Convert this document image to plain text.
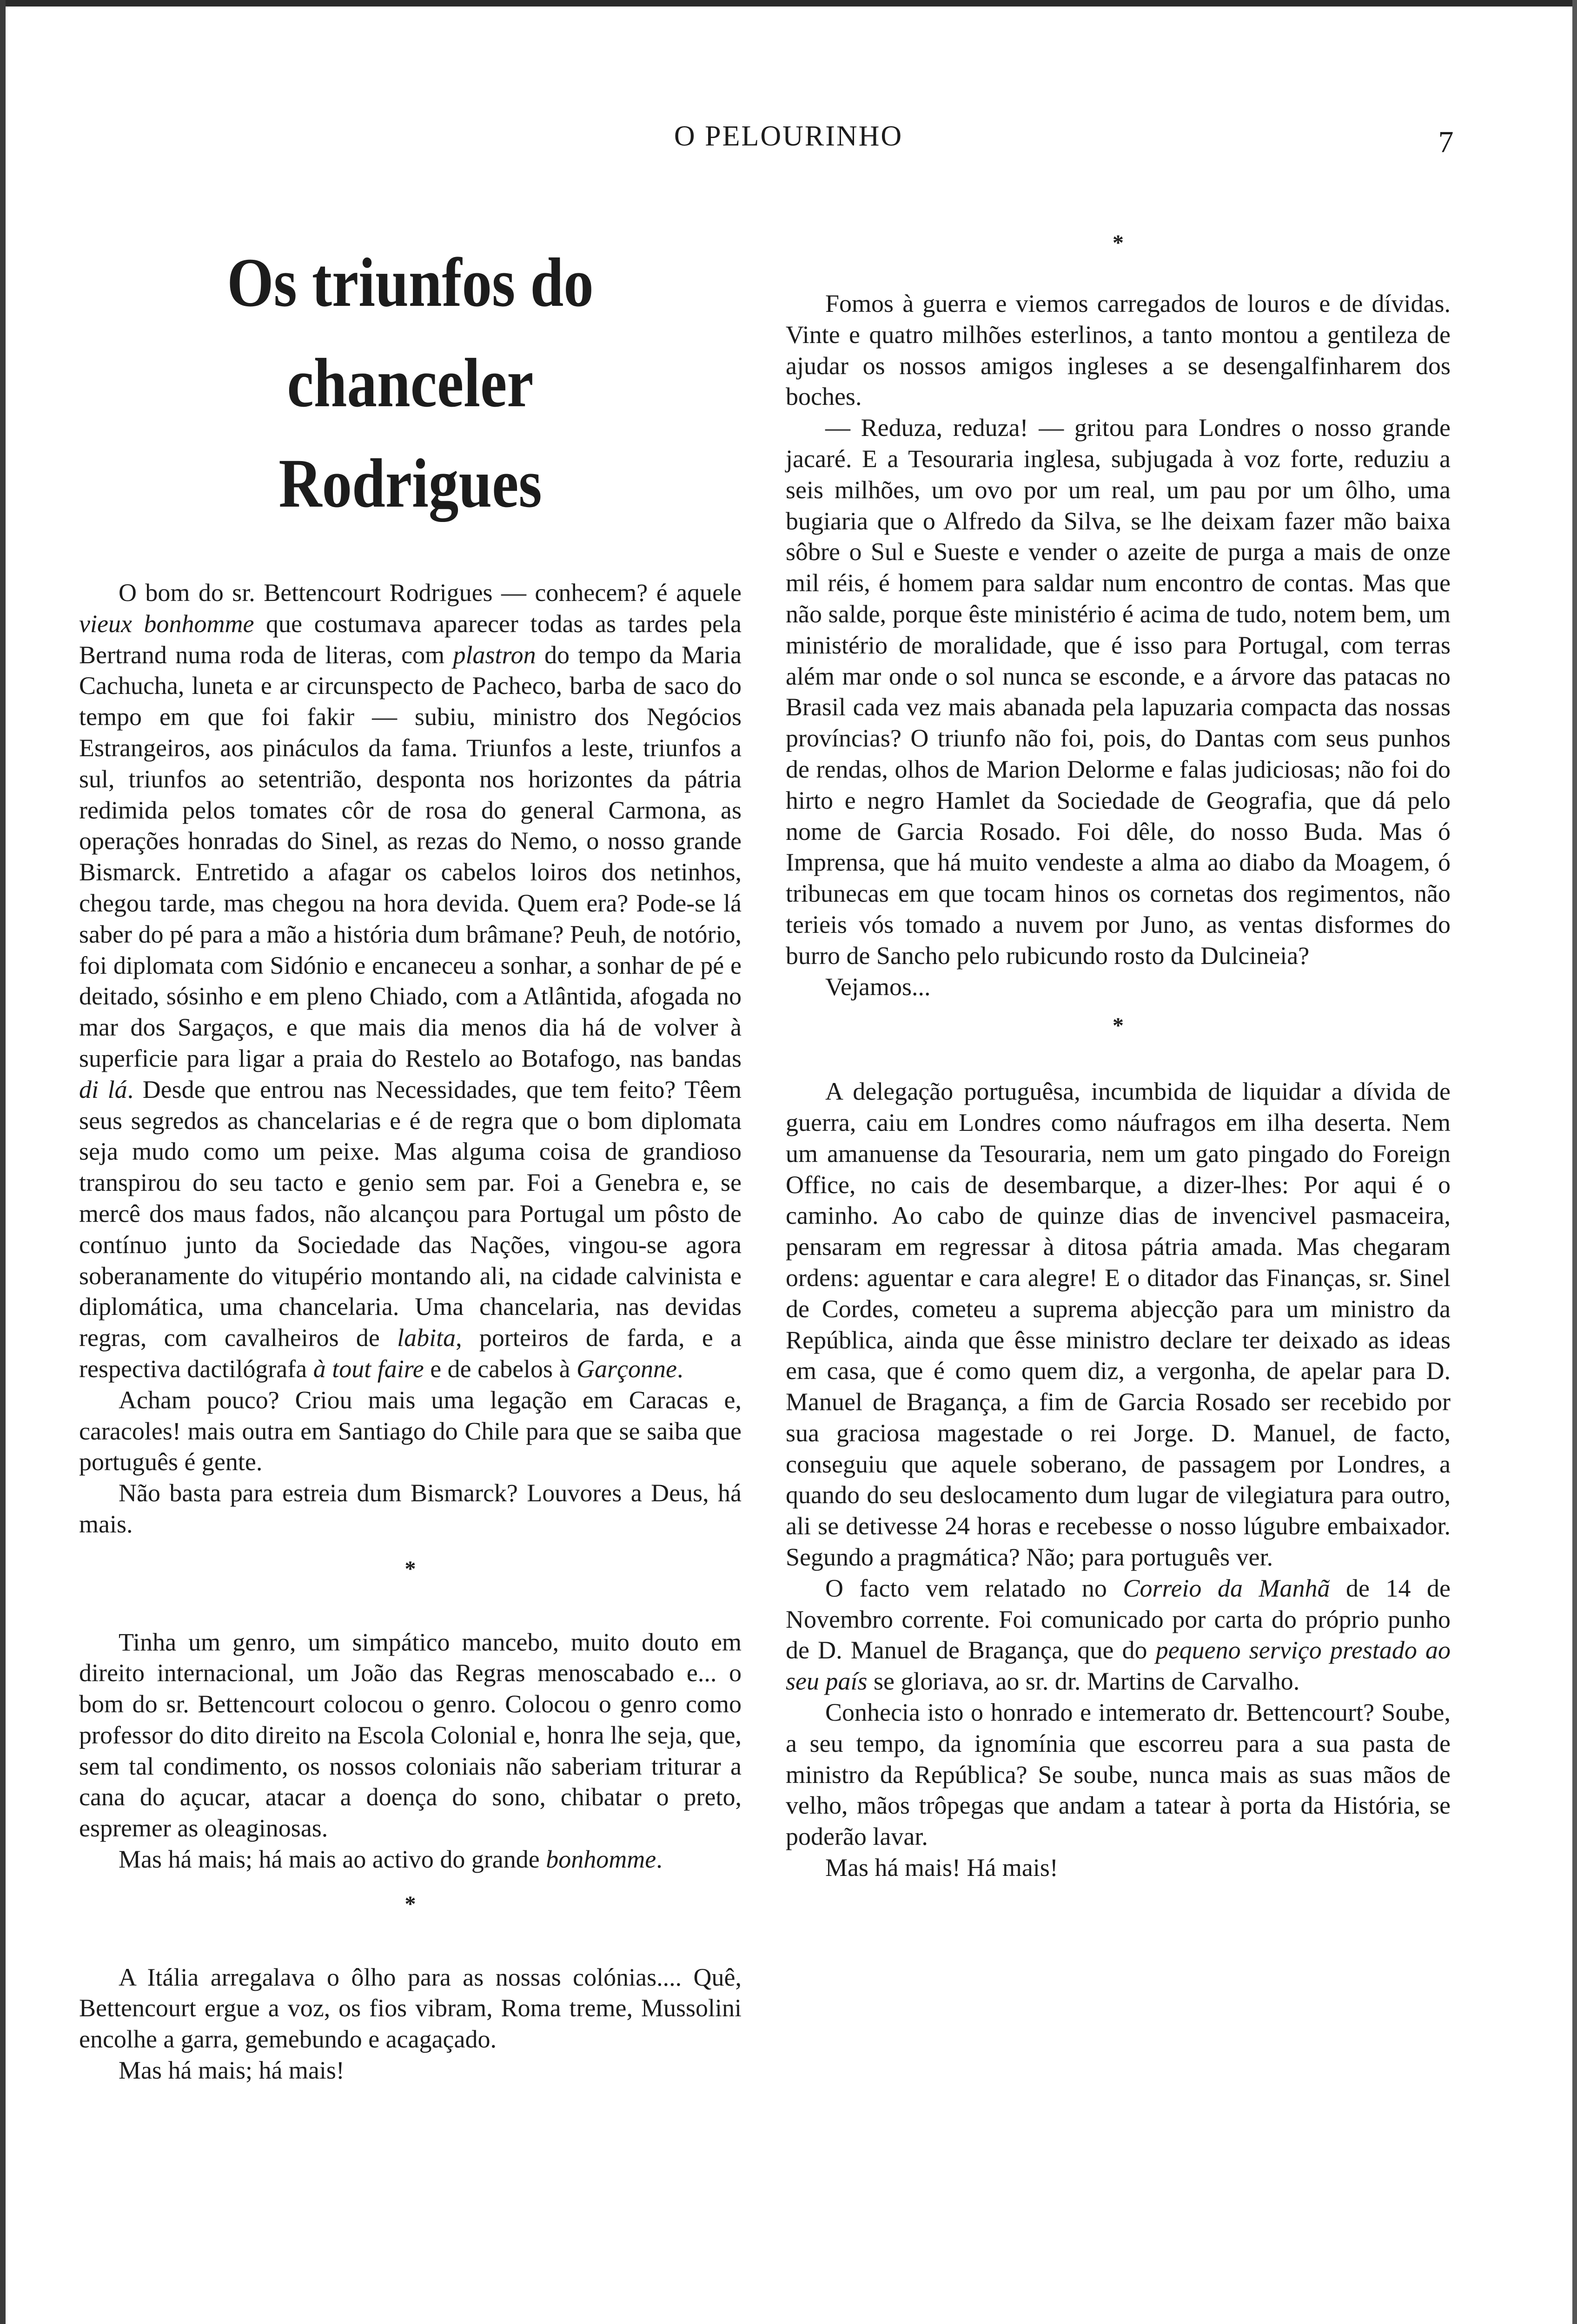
O PELOURINHO	7
Os triunfos do chanceler
Rodrigues

O bom do sr. Bettencourt Rodrigues — conhecem? é aquele vieux bonhomme que costumava aparecer todas as tardes pela Bertrand numa roda de literas, com plastron do tempo da Maria Cachucha, luneta e ar circunspecto de Pacheco, barba de saco do tempo em que foi fakir — subiu, ministro dos Negócios Estrangeiros, aos pináculos da fama. Triunfos a leste, triunfos a sul, triunfos ao setentrião, desponta nos horizontes da pátria redimida pelos tomates côr de rosa do general Carmona, as operações honradas do Sinel, as rezas do Nemo, o nosso grande Bismarck. Entretido a afagar os cabelos loiros dos netinhos, chegou tarde, mas chegou na hora devida. Quem era? Pode-se lá saber do pé para a mão a história dum brâmane? Peuh, de notório, foi diplomata com Sidónio e encaneceu a sonhar, a sonhar de pé e deitado, sósinho e em pleno Chiado, com a Atlântida, afogada no mar dos Sargaços, e que mais dia menos dia há de volver à superficie para ligar a praia do Restelo ao Botafogo, nas bandas di lá. Desde que entrou nas Necessidades, que tem feito? Têem seus segredos as chancelarias e é de regra que o bom diplomata seja mudo como um peixe. Mas alguma coisa de grandioso transpirou do seu tacto e genio sem par. Foi a Genebra e, se mercê dos maus fados, não alcançou para Portugal um pôsto de contínuo junto da Sociedade das Nações, vingou-se agora soberanamente do vitupério montando ali, na cidade calvinista e diplomática, uma chancelaria. Uma chancelaria, nas devidas regras, com cavalheiros de labita, porteiros de farda, e a respectiva dactilógrafa à tout faire e de cabelos à Garçonne.

Acham pouco? Criou mais uma legação em Caracas e, caracoles! mais outra em Santiago do Chile para que se saiba que português é gente.

Não basta para estreia dum Bismarck? Louvores a Deus, há mais.

*

Tinha um genro, um simpático mancebo, muito douto em direito internacional, um João das Regras menoscabado e... o bom do sr. Bettencourt colocou o genro. Colocou o genro como professor do dito direito na Escola Colonial e, honra lhe seja, que, sem tal condimento, os nossos coloniais não saberiam triturar a cana do açucar, atacar a doença do sono, chibatar o preto, espremer as oleaginosas.

Mas há mais; há mais ao activo do grande bonhomme.

*

A Itália arregalava o ôlho para as nossas colónias.... Quê, Bettencourt ergue a voz, os fios vibram, Roma treme, Mussolini encolhe a garra, gemebundo e acagaçado.

Mas há mais; há mais!

*

Fomos à guerra e viemos carregados de louros e de dívidas. Vinte e quatro milhões esterlinos, a tanto montou a gentileza de ajudar os nossos amigos ingleses a se desengalfinharem dos boches.

— Reduza, reduza! — gritou para Londres o nosso grande jacaré. E a Tesouraria inglesa, subjugada à voz forte, reduziu a seis milhões, um ovo por um real, um pau por um ôlho, uma bugiaria que o Alfredo da Silva, se lhe deixam fazer mão baixa sôbre o Sul e Sueste e vender o azeite de purga a mais de onze mil réis, é homem para saldar num encontro de contas. Mas que não salde, porque êste ministério é acima de tudo, notem bem, um ministério de moralidade, que é isso para Portugal, com terras além mar onde o sol nunca se esconde, e a árvore das patacas no Brasil cada vez mais abanada pela lapuzaria compacta das nossas províncias? O triunfo não foi, pois, do Dantas com seus punhos de rendas, olhos de Marion Delorme e falas judiciosas; não foi do hirto e negro Hamlet da Sociedade de Geografia, que dá pelo nome de Garcia Rosado. Foi dêle, do nosso Buda. Mas ó Imprensa, que há muito vendeste a alma ao diabo da Moagem, ó tribunecas em que tocam hinos os cornetas dos regimentos, não terieis vós tomado a nuvem por Juno, as ventas disformes do burro de Sancho pelo rubicundo rosto da Dulcineia?

Vejamos...

*

A delegação portuguêsa, incumbida de liquidar a dívida de guerra, caiu em Londres como náufragos em ilha deserta. Nem um amanuense da Tesouraria, nem um gato pingado do Foreign Office, no cais de desembarque, a dizer-lhes: Por aqui é o caminho. Ao cabo de quinze dias de invencivel pasmaceira, pensaram em regressar à ditosa pátria amada. Mas chegaram ordens: aguentar e cara alegre! E o ditador das Finanças, sr. Sinel de Cordes, cometeu a suprema abjecção para um ministro da República, ainda que êsse ministro declare ter deixado as ideas em casa, que é como quem diz, a vergonha, de apelar para D. Manuel de Bragança, a fim de Garcia Rosado ser recebido por sua graciosa magestade o rei Jorge. D. Manuel, de facto, conseguiu que aquele soberano, de passagem por Londres, a quando do seu deslocamento dum lugar de vilegiatura para outro, ali se detivesse 24 horas e recebesse o nosso lúgubre embaixador. Segundo a pragmática? Não; para português ver.

O facto vem relatado no Correio da Manhã de 14 de Novembro corrente. Foi comunicado por carta do próprio punho de D. Manuel de Bragança, que do pequeno serviço prestado ao seu país se gloriava, ao sr. dr. Martins de Carvalho.

Conhecia isto o honrado e intemerato dr. Bettencourt? Soube, a seu tempo, da ignomínia que escorreu para a sua pasta de ministro da República? Se soube, nunca mais as suas mãos de velho, mãos trôpegas que andam a tatear à porta da História, se poderão lavar.

Mas há mais! Há mais!
